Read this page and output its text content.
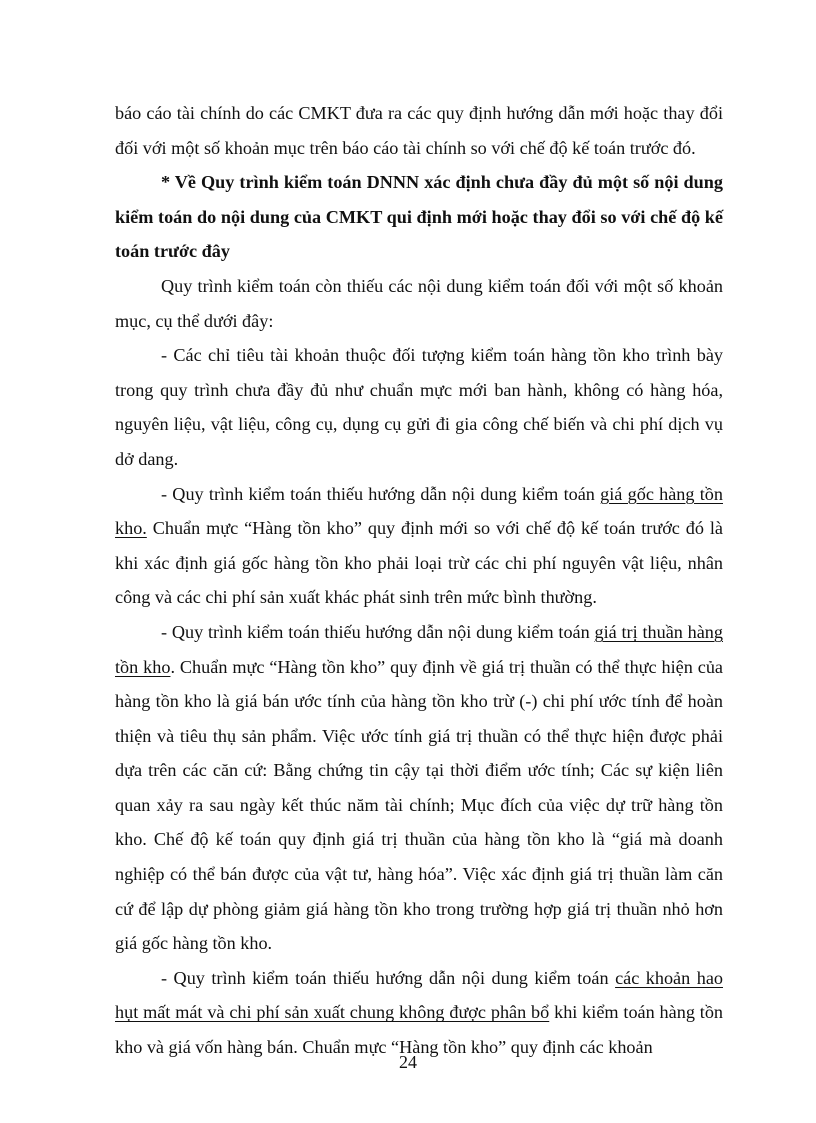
báo cáo tài chính do các CMKT đưa ra các quy định hướng dẫn mới hoặc thay đổi đối với một số khoản mục trên báo cáo tài chính so với chế độ kế toán trước đó.

* Về Quy trình kiểm toán DNNN xác định chưa đầy đủ một số nội dung kiểm toán do nội dung của CMKT qui định mới hoặc thay đổi so với chế độ kế toán trước đây

Quy trình kiểm toán còn thiếu các nội dung kiểm toán đối với một số khoản mục, cụ thể dưới đây:

- Các chỉ tiêu tài khoản thuộc đối tượng kiểm toán hàng tồn kho trình bày trong quy trình chưa đầy đủ như chuẩn mực mới ban hành, không có hàng hóa, nguyên liệu, vật liệu, công cụ, dụng cụ gửi đi gia công chế biến và chi phí dịch vụ dở dang.

- Quy trình kiểm toán thiếu hướng dẫn nội dung kiểm toán giá gốc hàng tồn kho. Chuẩn mực “Hàng tồn kho” quy định mới so với chế độ kế toán trước đó là khi xác định giá gốc hàng tồn kho phải loại trừ các chi phí nguyên vật liệu, nhân công và các chi phí sản xuất khác phát sinh trên mức bình thường.

- Quy trình kiểm toán thiếu hướng dẫn nội dung kiểm toán giá trị thuần hàng tồn kho. Chuẩn mực “Hàng tồn kho” quy định về giá trị thuần có thể thực hiện của hàng tồn kho là giá bán ước tính của hàng tồn kho trừ (-) chi phí ước tính để hoàn thiện và tiêu thụ sản phẩm. Việc ước tính giá trị thuần có thể thực hiện được phải dựa trên các căn cứ: Bằng chứng tin cậy tại thời điểm ước tính; Các sự kiện liên quan xảy ra sau ngày kết thúc năm tài chính; Mục đích của việc dự trữ hàng tồn kho. Chế độ kế toán quy định giá trị thuần của hàng tồn kho là “giá mà doanh nghiệp có thể bán được của vật tư, hàng hóa”. Việc xác định giá trị thuần làm căn cứ để lập dự phòng giảm giá hàng tồn kho trong trường hợp giá trị thuần nhỏ hơn giá gốc hàng tồn kho.

- Quy trình kiểm toán thiếu hướng dẫn nội dung kiểm toán các khoản hao hụt mất mát và chi phí sản xuất chung không được phân bổ khi kiểm toán hàng tồn kho và giá vốn hàng bán. Chuẩn mực “Hàng tồn kho” quy định các khoản

24
